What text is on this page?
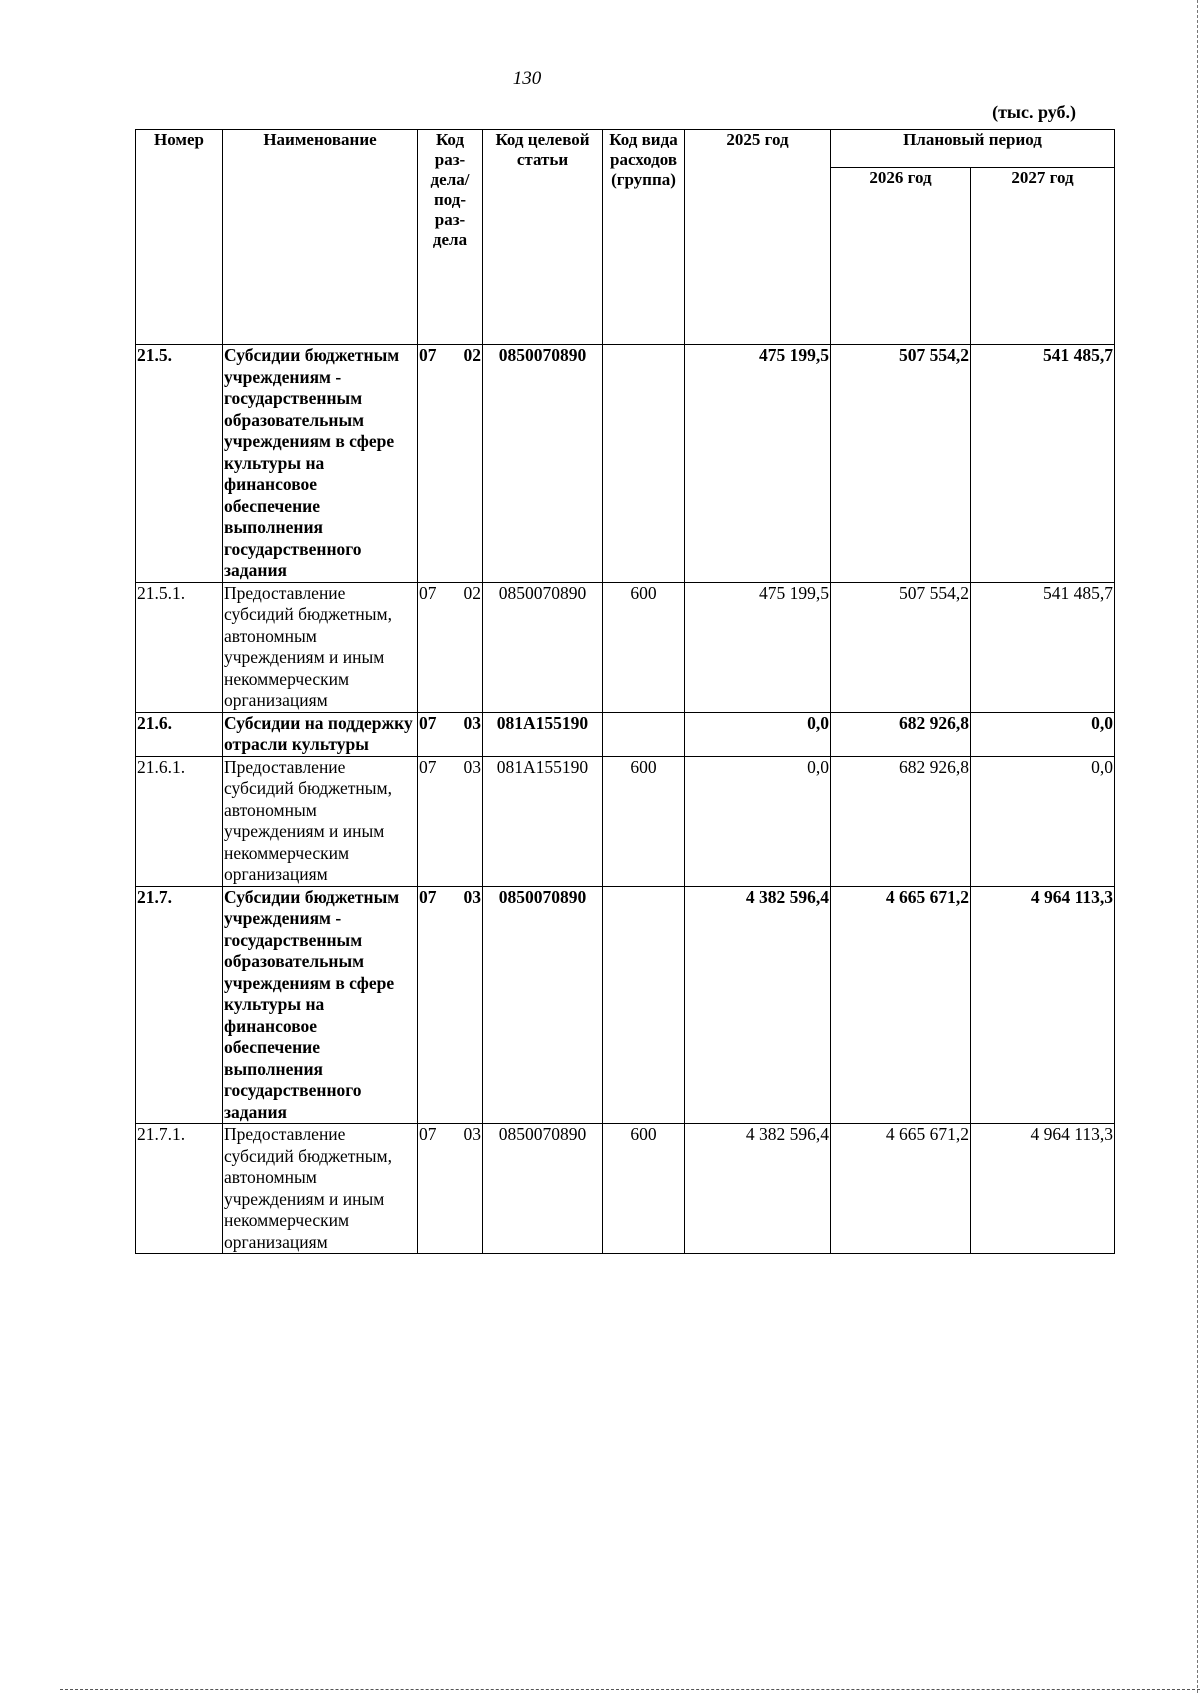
130
(тыс. руб.)
Номер	Наименование	Код раз- дела/ под- раз- дела	Код целевой статьи	Код вида расходов (группа)	2025 год	Плановый период	
						2026 год	2027 год
21.5.	Субсидии бюджетным учреждениям - государственным образовательным учреждениям в сфере культуры на финансовое обеспечение выполнения государственного задания	07 02	0850070890		475 199,5	507 554,2	541 485,7
21.5.1.	Предоставление субсидий бюджетным, автономным учреждениям и иным некоммерческим организациям	07 02	0850070890	600	475 199,5	507 554,2	541 485,7
21.6.	Субсидии на поддержку отрасли культуры	07 03	081A155190		0,0	682 926,8	0,0
21.6.1.	Предоставление субсидий бюджетным, автономным учреждениям и иным некоммерческим организациям	07 03	081A155190	600	0,0	682 926,8	0,0
21.7.	Субсидии бюджетным учреждениям - государственным образовательным учреждениям в сфере культуры на финансовое обеспечение выполнения государственного задания	07 03	0850070890		4 382 596,4	4 665 671,2	4 964 113,3
21.7.1.	Предоставление субсидий бюджетным, автономным учреждениям и иным некоммерческим организациям	07 03	0850070890	600	4 382 596,4	4 665 671,2	4 964 113,3
